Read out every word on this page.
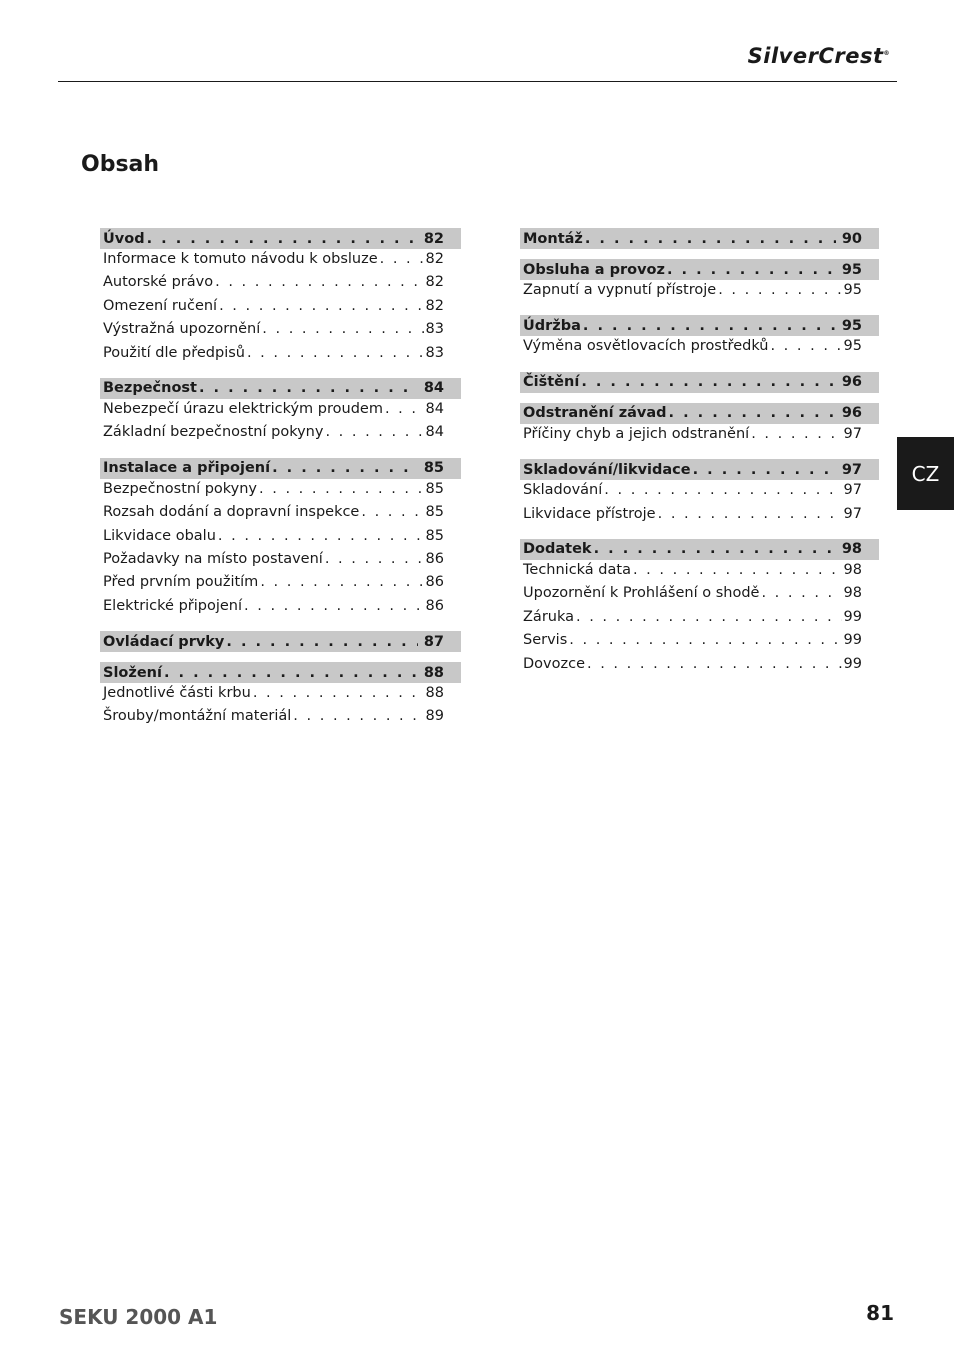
SilverCrest®
Obsah
Úvod . . .	82
Informace k tomuto návodu k obsluze . . .	82
Autorské právo . . .	82
Omezení ručení . . .	82
Výstražná upozornění . . .	83
Použití dle předpisů . . .	83
Bezpečnost . . .	84
Nebezpečí úrazu elektrickým proudem . . .	84
Základní bezpečnostní pokyny . . .	84
Instalace a připojení . . .	85
Bezpečnostní pokyny . . .	85
Rozsah dodání a dopravní inspekce . . .	85
Likvidace obalu . . .	85
Požadavky na místo postavení . . .	86
Před prvním použitím . . .	86
Elektrické připojení . . .	86
Ovládací prvky . . .	87
Složení . . .	88
Jednotlivé části krbu . . .	88
Šrouby/montážní materiál . . .	89
Montáž . . .	90
Obsluha a provoz . . .	95
Zapnutí a vypnutí přístroje . . .	95
Údržba . . .	95
Výměna osvětlovacích prostředků . . .	95
Čištění . . .	96
Odstranění závad . . .	96
Příčiny chyb a jejich odstranění . . .	97
Skladování/likvidace . . .	97
Skladování . . .	97
Likvidace přístroje . . .	97
Dodatek . . .	98
Technická data . . .	98
Upozornění k Prohlášení o shodě . . .	98
Záruka . . .	99
Servis . . .	99
Dovozce . . .	99
CZ
SEKU 2000 A1	81
